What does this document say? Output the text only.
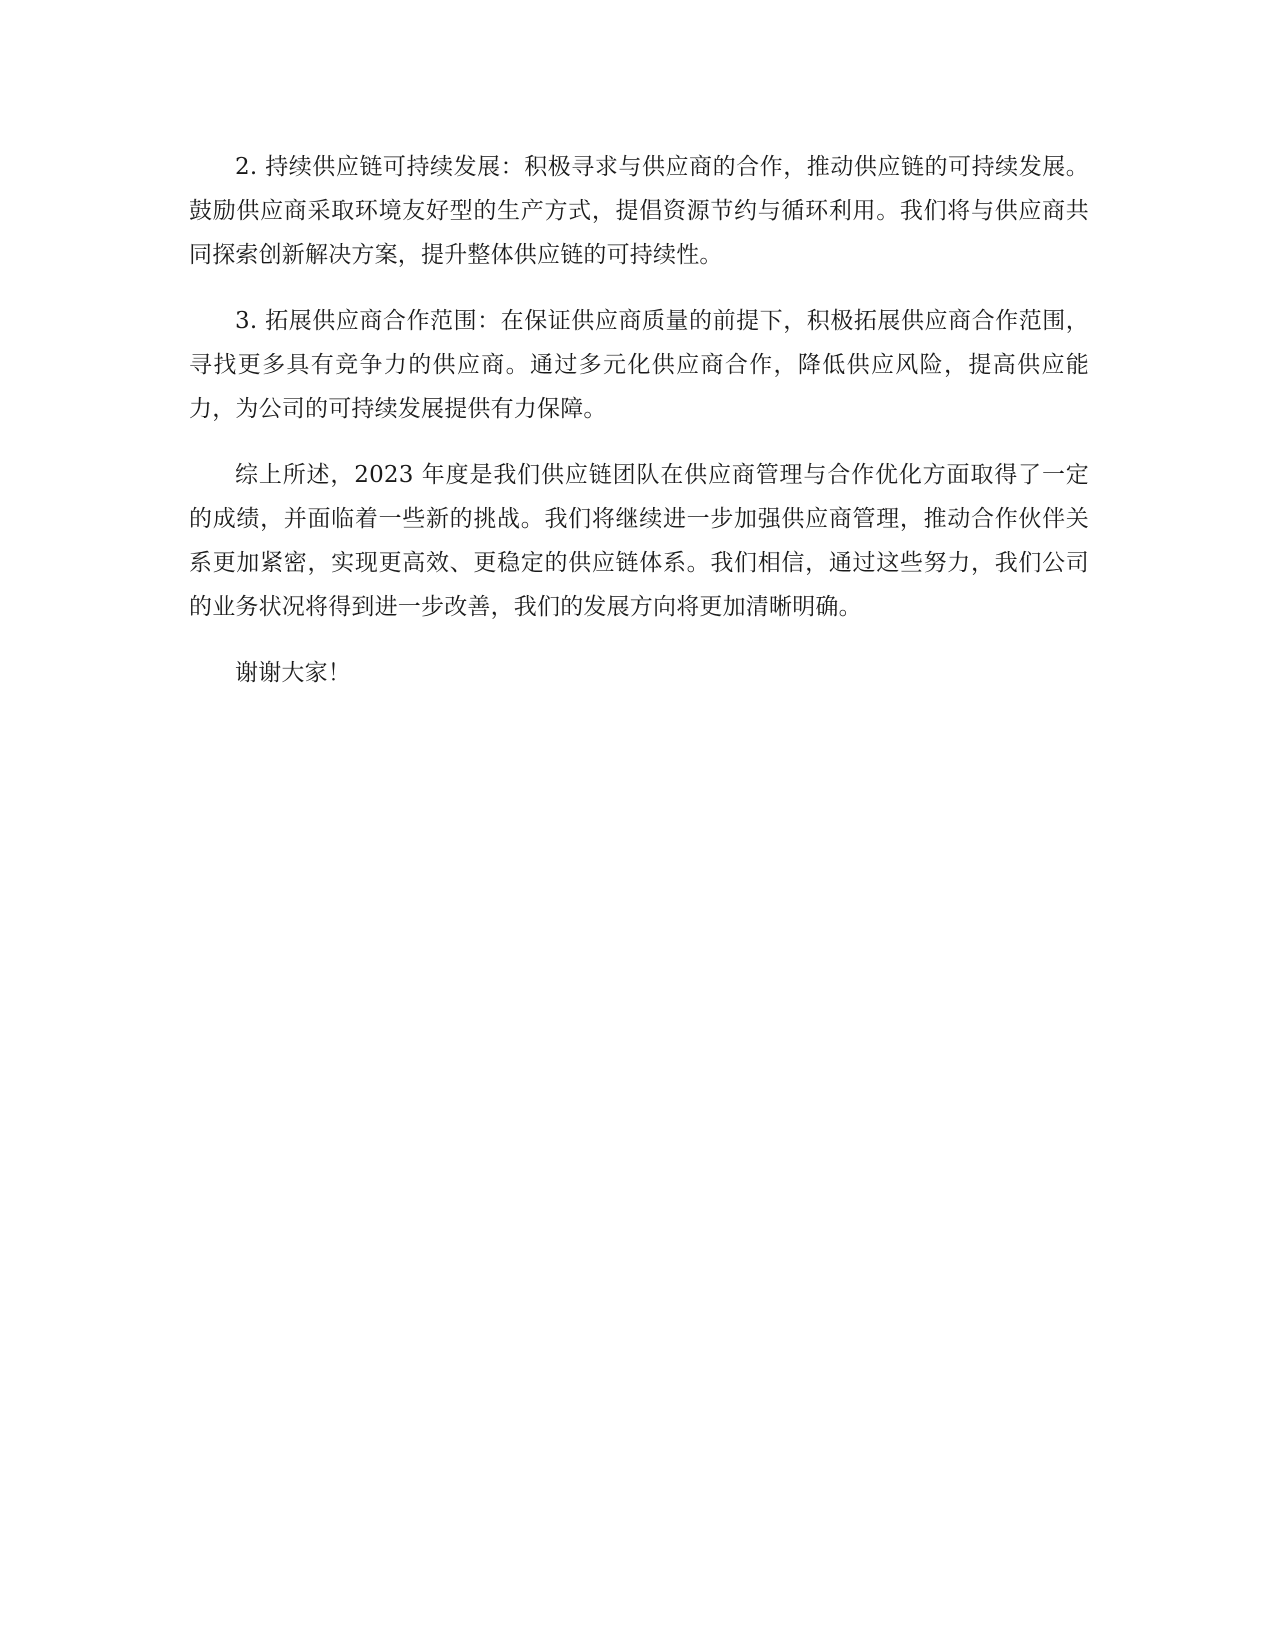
2. 持续供应链可持续发展：积极寻求与供应商的合作，推动供应链的可持续发展。鼓励供应商采取环境友好型的生产方式，提倡资源节约与循环利用。我们将与供应商共同探索创新解决方案，提升整体供应链的可持续性。

3. 拓展供应商合作范围：在保证供应商质量的前提下，积极拓展供应商合作范围，寻找更多具有竞争力的供应商。通过多元化供应商合作，降低供应风险，提高供应能力，为公司的可持续发展提供有力保障。

综上所述，2023 年度是我们供应链团队在供应商管理与合作优化方面取得了一定的成绩，并面临着一些新的挑战。我们将继续进一步加强供应商管理，推动合作伙伴关系更加紧密，实现更高效、更稳定的供应链体系。我们相信，通过这些努力，我们公司的业务状况将得到进一步改善，我们的发展方向将更加清晰明确。

谢谢大家！
